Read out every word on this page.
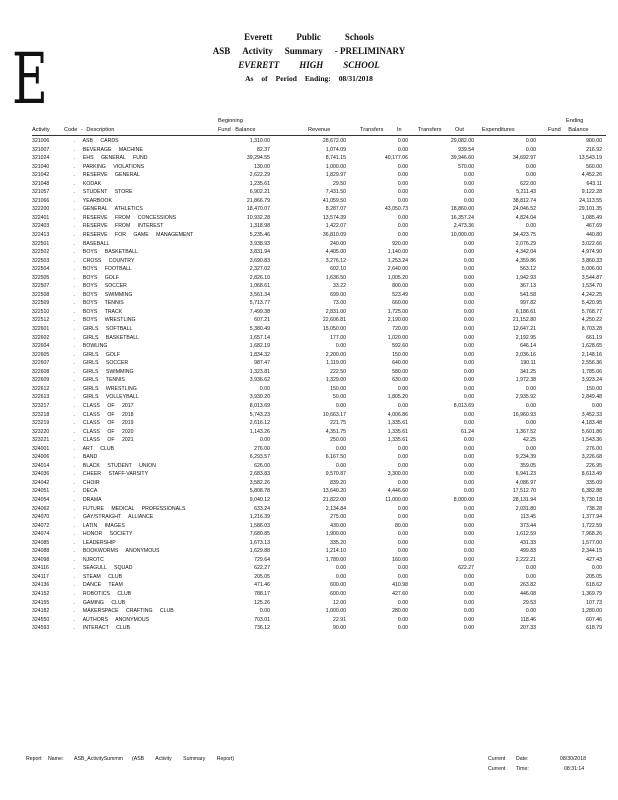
E
Everett	Public	Schools
ASB Activity Summary - PRELIMINARY
EVERETT HIGH SCHOOL
As of Period Ending: 08/31/2018
Activity	Code - Description
Beginning
Fund Balance	Revenue	Transfers In	Transfers Out	Expenditures
Ending
Fund Balance
321006	. ASB CARDS	1,310.00	28,672.00	0.00	29,082.00	0.00	900.00
321007	. BEVERAGE MACHINE	82.37	1,074.09	0.00	939.54	0.00	216.92
321024	. EHS GENERAL FUND	39,294.55	8,741.15	40,177.06	39,946.60	34,692.97	13,543.19
321040	. PARKING VIOLATIONS	130.00	1,000.00	0.00	570.00	0.00	560.00
321042	. RESERVE GENERAL	2,622.29	1,829.97	0.00	0.00	0.00	4,452.26
321048	. KODAK	1,235.61	29.50	0.00	0.00	622.00	643.11
321057	. STUDENT STORE	6,902.21	7,431.50	0.00	0.00	5,211.43	9,122.28
321066	. YEARBOOK	21,866.79	41,059.50	0.00	0.00	38,812.74	24,113.55
322200	. GENERAL ATHLETICS	18,470.07	8,287.07	43,050.73	18,860.00	24,046.52	29,101.35
322401	. RESERVE FROM CONCESSIONS	10,932.28	13,574.39	0.00	16,357.24	4,824.04	1,085.49
322403	. RESERVE FROM INTEREST	1,318.98	1,422.07	0.00	2,473.36	0.00	467.69
322413	. RESERVE FOR GAME MANAGEMENT	5,235.46	36,810.09	0.00	10,000.00	34,423.75	440.80
322501	. BASEBALL	3,938.93	240.00	920.00	0.00	2,076.29	3,022.66
322502	. BOYS BASKETBALL	3,831.94	4,405.00	1,140.00	0.00	4,342.04	4,974.90
322503	. CROSS COUNTRY	3,690.83	3,276.12	1,253.24	0.00	4,359.86	3,860.33
322504	. BOYS FOOTBALL	2,327.02	602.10	2,640.00	0.00	563.12	5,006.00
322505	. BOYS GOLF	2,826.10	1,636.50	1,005.20	0.00	1,942.93	3,544.87
322507	. BOYS SOCCER	1,068.61	33.22	800.00	0.00	367.13	1,534.70
322508	. BOYS SWIMMING	3,561.34	699.00	523.49	0.00	541.58	4,242.25
322509	. BOYS TENNIS	5,713.77	73.00	660.00	0.00	997.82	5,420.95
322510	. BOYS TRACK	7,499.38	2,831.00	1,725.00	0.00	6,186.61	5,768.77
322512	. BOYS WRESTLING	607.21	22,606.81	2,190.00	0.00	21,152.80	4,250.22
322601	. GIRLS SOFTBALL	5,380.49	15,050.00	720.00	0.00	12,647.21	8,703.28
322602	. GIRLS BASKETBALL	1,657.14	177.00	1,020.00	0.00	2,192.95	661.19
322604	. BOWLING	1,682.19	0.00	592.60	0.00	646.14	1,628.65
322605	. GIRLS GOLF	1,834.32	2,200.00	150.00	0.00	2,036.16	2,148.16
322607	. GIRLS SOCCER	987.47	1,119.00	640.00	0.00	190.11	2,556.36
322608	. GIRLS SWIMMING	1,323.81	222.50	580.00	0.00	341.25	1,785.06
322609	. GIRLS TENNIS	3,936.62	1,329.00	630.00	0.00	1,972.38	3,923.24
322612	. GIRLS WRESTLING	0.00	150.00	0.00	0.00	0.00	150.00
322613	. GIRLS VOLLEYBALL	3,930.20	50.00	1,805.20	0.00	2,935.92	2,849.48
323217	. CLASS OF 2017	8,013.69	0.00	0.00	8,013.69	0.00	0.00
323218	. CLASS OF 2018	5,743.23	10,663.17	4,006.86	0.00	16,960.93	3,452.33
323219	. CLASS OF 2019	2,616.12	221.75	1,335.61	0.00	0.00	4,183.48
323220	. CLASS OF 2020	1,143.26	4,351.75	1,335.61	61.24	1,367.52	5,601.86
323221	. CLASS OF 2021	0.00	250.00	1,335.61	0.00	42.25	1,543.36
324001	. ART CLUB	276.00	0.00	0.00	0.00	0.00	276.00
324006	. BAND	6,293.57	6,167.50	0.00	0.00	9,234.39	3,226.68
324014	. BLACK STUDENT UNION	626.00	0.00	0.00	0.00	359.05	226.95
324036	. CHEER STAFF-VARSITY	2,683.83	9,570.87	3,300.00	0.00	6,941.23	8,613.49
324042	. CHOIR	3,582.26	839.20	0.00	0.00	4,086.97	335.09
324051	. DECA	5,808.78	13,640.20	4,446.60	0.00	17,512.70	6,382.88
324054	. DRAMA	9,040.12	21,822.00	11,000.00	8,000.00	28,131.94	5,730.18
324062	. FUTURE MEDICAL PROFESSIONALS	633.24	2,134.84	0.00	0.00	2,031.80	738.28
324070	. GAY/STRAIGHT ALLIANCE	1,216.39	275.00	0.00	0.00	113.45	1,377.94
324072	. LATIN IMAGES	1,586.03	430.00	80.00	0.00	373.44	1,722.59
324074	. HONOR SOCIETY	7,680.85	1,900.00	0.00	0.00	1,612.59	7,968.26
324085	. LEADERSHIP	1,673.13	335.20	0.00	0.00	431.33	1,577.00
324088	. BOOKWORMS ANONYMOUS	1,629.88	1,214.10	0.00	0.00	499.83	2,344.15
324098	. NJROTC	729.64	1,780.00	160.00	0.00	2,222.21	427.43
324116	. SEAGULL SQUAD	622.27	0.00	0.00	622.27	0.00	0.00
324117	. STEAM CLUB	205.05	0.00	0.00	0.00	0.00	205.05
324136	. DANCE TEAM	471.46	600.00	410.98	0.00	263.82	618.62
324152	. ROBOTICS CLUB	788.17	600.00	427.60	0.00	446.08	1,369.79
324155	. GAMING CLUB	125.26	12.00	0.00	0.00	29.53	107.73
324182	. MAKERSPACE CRAFTING CLUB	0.00	1,000.00	280.00	0.00	0.00	1,280.00
324550	. AUTHORS ANONYMOUS	703.01	22.91	0.00	0.00	118.46	607.46
324593	. INTERACT CLUB	736.12	90.00	0.00	0.00	207.33	618.79
Report Name: ASB_ActivitySummm (ASB Activity Summary Report)	Current Date:	08/30/2018
Current Time:	08:31:14
